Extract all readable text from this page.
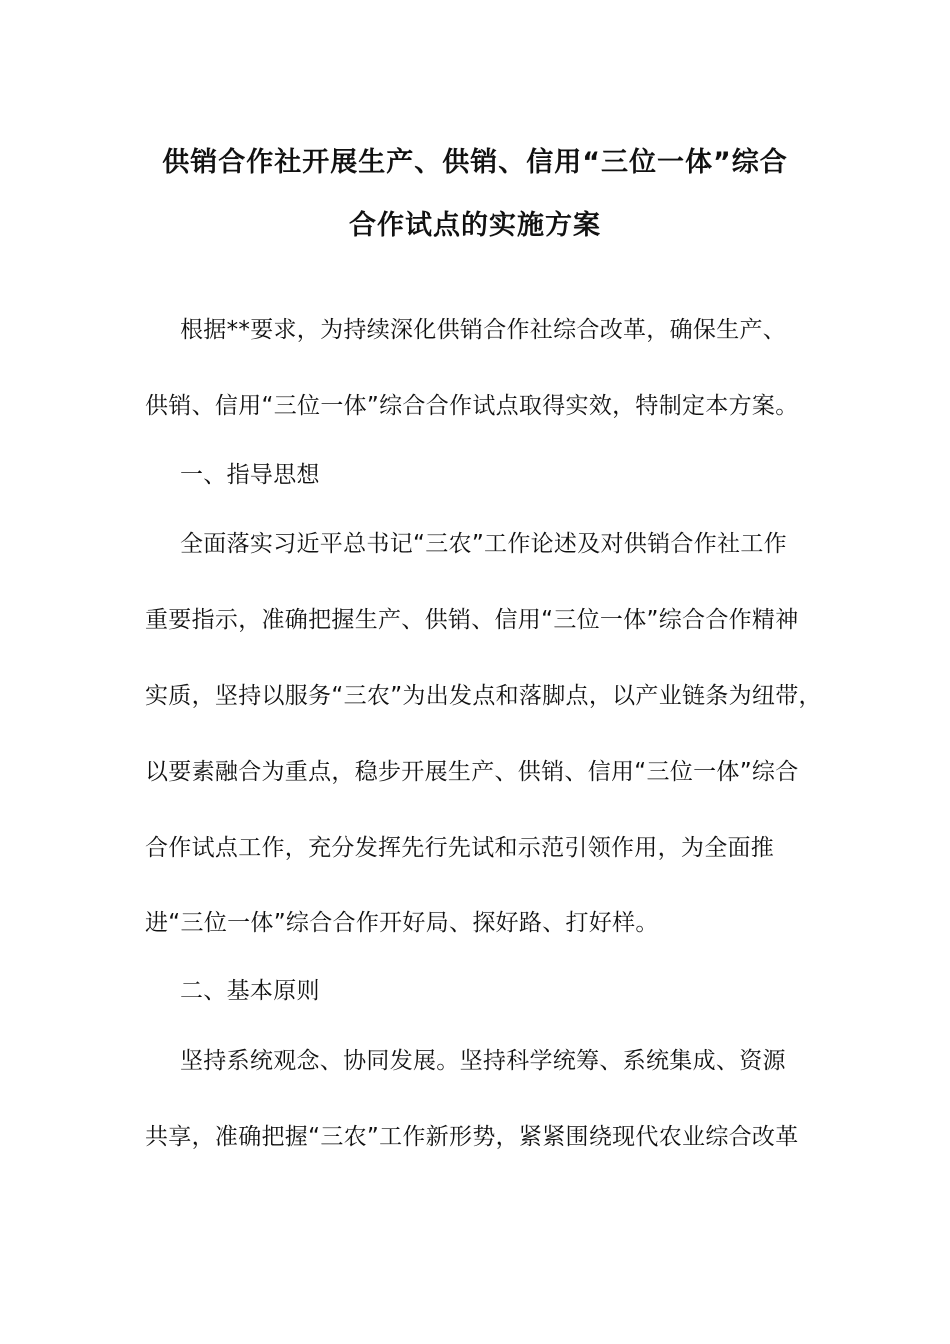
供销合作社开展生产、供销、信用“三位一体”综合
合作试点的实施方案
根据**要求，为持续深化供销合作社综合改革，确保生产、
供销、信用“三位一体”综合合作试点取得实效，特制定本方案。
一、指导思想
全面落实习近平总书记“三农”工作论述及对供销合作社工作
重要指示，准确把握生产、供销、信用“三位一体”综合合作精神
实质，坚持以服务“三农”为出发点和落脚点，以产业链条为纽带，
以要素融合为重点，稳步开展生产、供销、信用“三位一体”综合
合作试点工作，充分发挥先行先试和示范引领作用，为全面推
进“三位一体”综合合作开好局、探好路、打好样。
二、基本原则
坚持系统观念、协同发展。坚持科学统筹、系统集成、资源
共享，准确把握“三农”工作新形势，紧紧围绕现代农业综合改革
